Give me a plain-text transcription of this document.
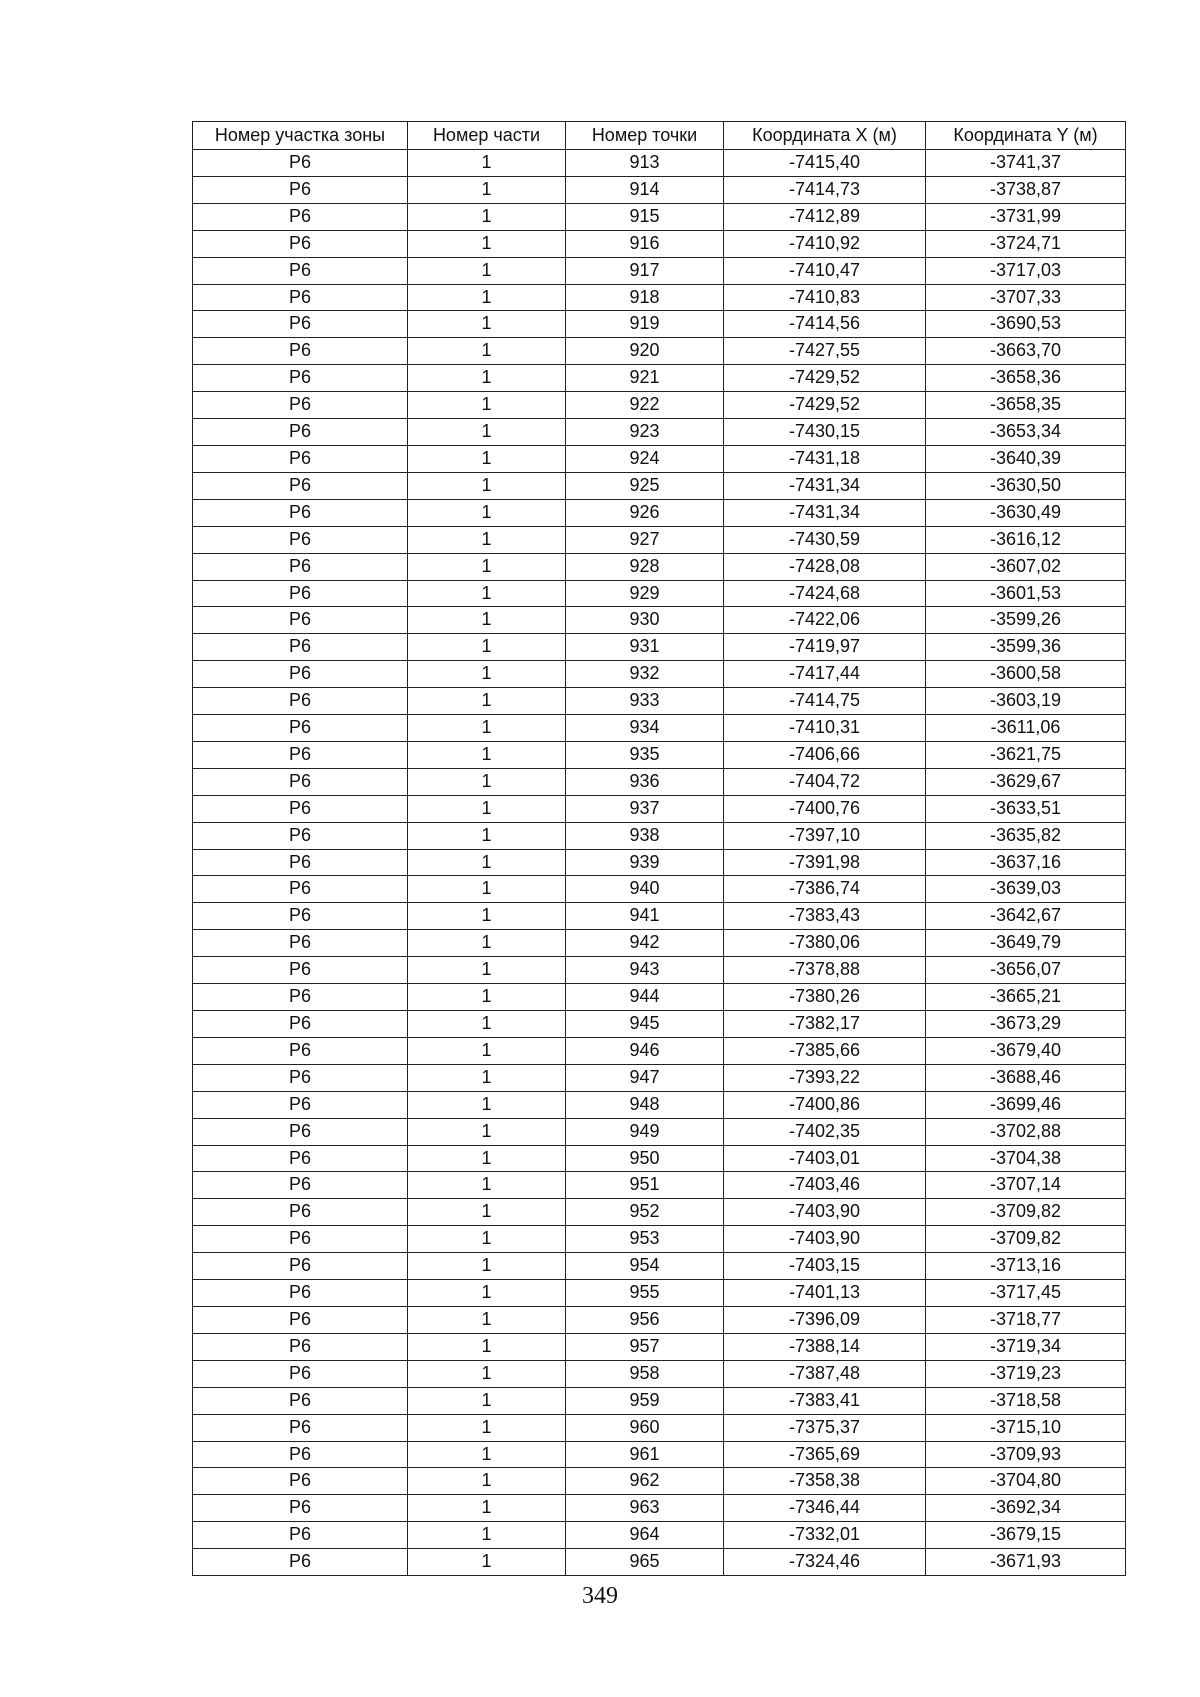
Номер участка зоны	Номер части	Номер точки	Координата X (м)	Координата Y (м)
Р6	1	913	-7415,40	-3741,37
Р6	1	914	-7414,73	-3738,87
Р6	1	915	-7412,89	-3731,99
Р6	1	916	-7410,92	-3724,71
Р6	1	917	-7410,47	-3717,03
Р6	1	918	-7410,83	-3707,33
Р6	1	919	-7414,56	-3690,53
Р6	1	920	-7427,55	-3663,70
Р6	1	921	-7429,52	-3658,36
Р6	1	922	-7429,52	-3658,35
Р6	1	923	-7430,15	-3653,34
Р6	1	924	-7431,18	-3640,39
Р6	1	925	-7431,34	-3630,50
Р6	1	926	-7431,34	-3630,49
Р6	1	927	-7430,59	-3616,12
Р6	1	928	-7428,08	-3607,02
Р6	1	929	-7424,68	-3601,53
Р6	1	930	-7422,06	-3599,26
Р6	1	931	-7419,97	-3599,36
Р6	1	932	-7417,44	-3600,58
Р6	1	933	-7414,75	-3603,19
Р6	1	934	-7410,31	-3611,06
Р6	1	935	-7406,66	-3621,75
Р6	1	936	-7404,72	-3629,67
Р6	1	937	-7400,76	-3633,51
Р6	1	938	-7397,10	-3635,82
Р6	1	939	-7391,98	-3637,16
Р6	1	940	-7386,74	-3639,03
Р6	1	941	-7383,43	-3642,67
Р6	1	942	-7380,06	-3649,79
Р6	1	943	-7378,88	-3656,07
Р6	1	944	-7380,26	-3665,21
Р6	1	945	-7382,17	-3673,29
Р6	1	946	-7385,66	-3679,40
Р6	1	947	-7393,22	-3688,46
Р6	1	948	-7400,86	-3699,46
Р6	1	949	-7402,35	-3702,88
Р6	1	950	-7403,01	-3704,38
Р6	1	951	-7403,46	-3707,14
Р6	1	952	-7403,90	-3709,82
Р6	1	953	-7403,90	-3709,82
Р6	1	954	-7403,15	-3713,16
Р6	1	955	-7401,13	-3717,45
Р6	1	956	-7396,09	-3718,77
Р6	1	957	-7388,14	-3719,34
Р6	1	958	-7387,48	-3719,23
Р6	1	959	-7383,41	-3718,58
Р6	1	960	-7375,37	-3715,10
Р6	1	961	-7365,69	-3709,93
Р6	1	962	-7358,38	-3704,80
Р6	1	963	-7346,44	-3692,34
Р6	1	964	-7332,01	-3679,15
Р6	1	965	-7324,46	-3671,93
349
